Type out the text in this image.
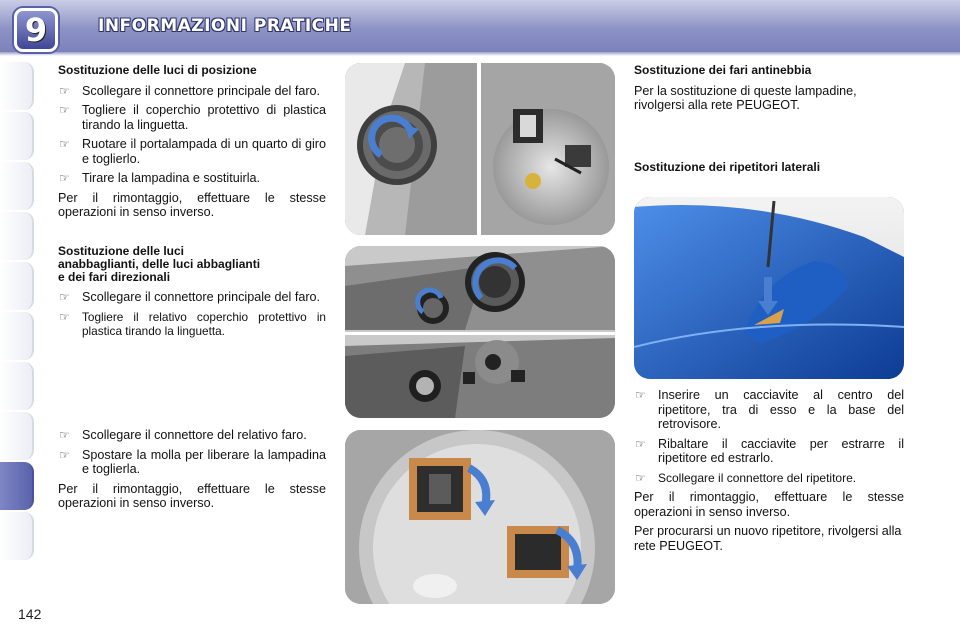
9	INFORMAZIONI PRATICHE
142
Sostituzione delle luci di posizione
☞ Scollegare il connettore principale del faro.
☞ Togliere il coperchio protettivo di plastica tirando la linguetta.
☞ Ruotare il portalampada di un quarto di giro e toglierlo.
☞ Tirare la lampadina e sostituirla.
Per il rimontaggio, effettuare le stesse operazioni in senso inverso.
Sostituzione delle luci
anabbaglianti, delle luci abbaglianti
e dei fari direzionali
☞ Scollegare il connettore principale del faro.
☞ Togliere il relativo coperchio protettivo in plastica tirando la linguetta.
☞ Scollegare il connettore del relativo faro.
☞ Spostare la molla per liberare la lampadina e toglierla.
Per il rimontaggio, effettuare le stesse operazioni in senso inverso.
Sostituzione dei fari antinebbia
Per la sostituzione di queste lampadine, rivolgersi alla rete PEUGEOT.
Sostituzione dei ripetitori laterali
☞ Inserire un cacciavite al centro del ripetitore, tra di esso e la base del retrovisore.
☞ Ribaltare il cacciavite per estrarre il ripetitore ed estrarlo.
☞ Scollegare il connettore del ripetitore.
Per il rimontaggio, effettuare le stesse operazioni in senso inverso.
Per procurarsi un nuovo ripetitore, rivolgersi alla rete PEUGEOT.
